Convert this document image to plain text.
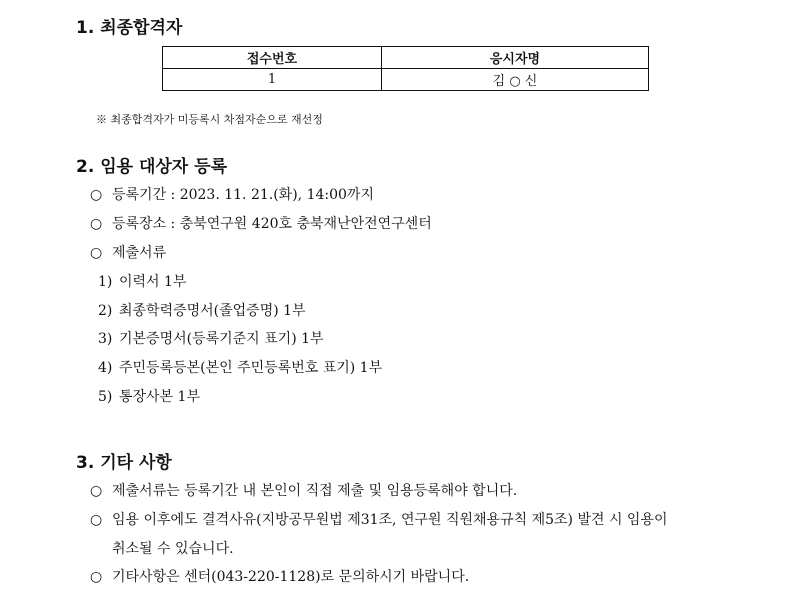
1. 최종합격자
접수번호	응시자명
1	김 ○ 신
※ 최종합격자가 미등록시 차점자순으로 재선정
2. 임용 대상자 등록
○ 등록기간 : 2023. 11. 21.(화), 14:00까지
○ 등록장소 : 충북연구원 420호 충북재난안전연구센터
○ 제출서류
1) 이력서 1부
2) 최종학력증명서(졸업증명) 1부
3) 기본증명서(등록기준지 표기) 1부
4) 주민등록등본(본인 주민등록번호 표기) 1부
5) 통장사본 1부
3. 기타 사항
○ 제출서류는 등록기간 내 본인이 직접 제출 및 임용등록해야 합니다.
○ 임용 이후에도 결격사유(지방공무원법 제31조, 연구원 직원채용규칙 제5조) 발견 시 임용이
취소될 수 있습니다.
○ 기타사항은 센터(043-220-1128)로 문의하시기 바랍니다.
